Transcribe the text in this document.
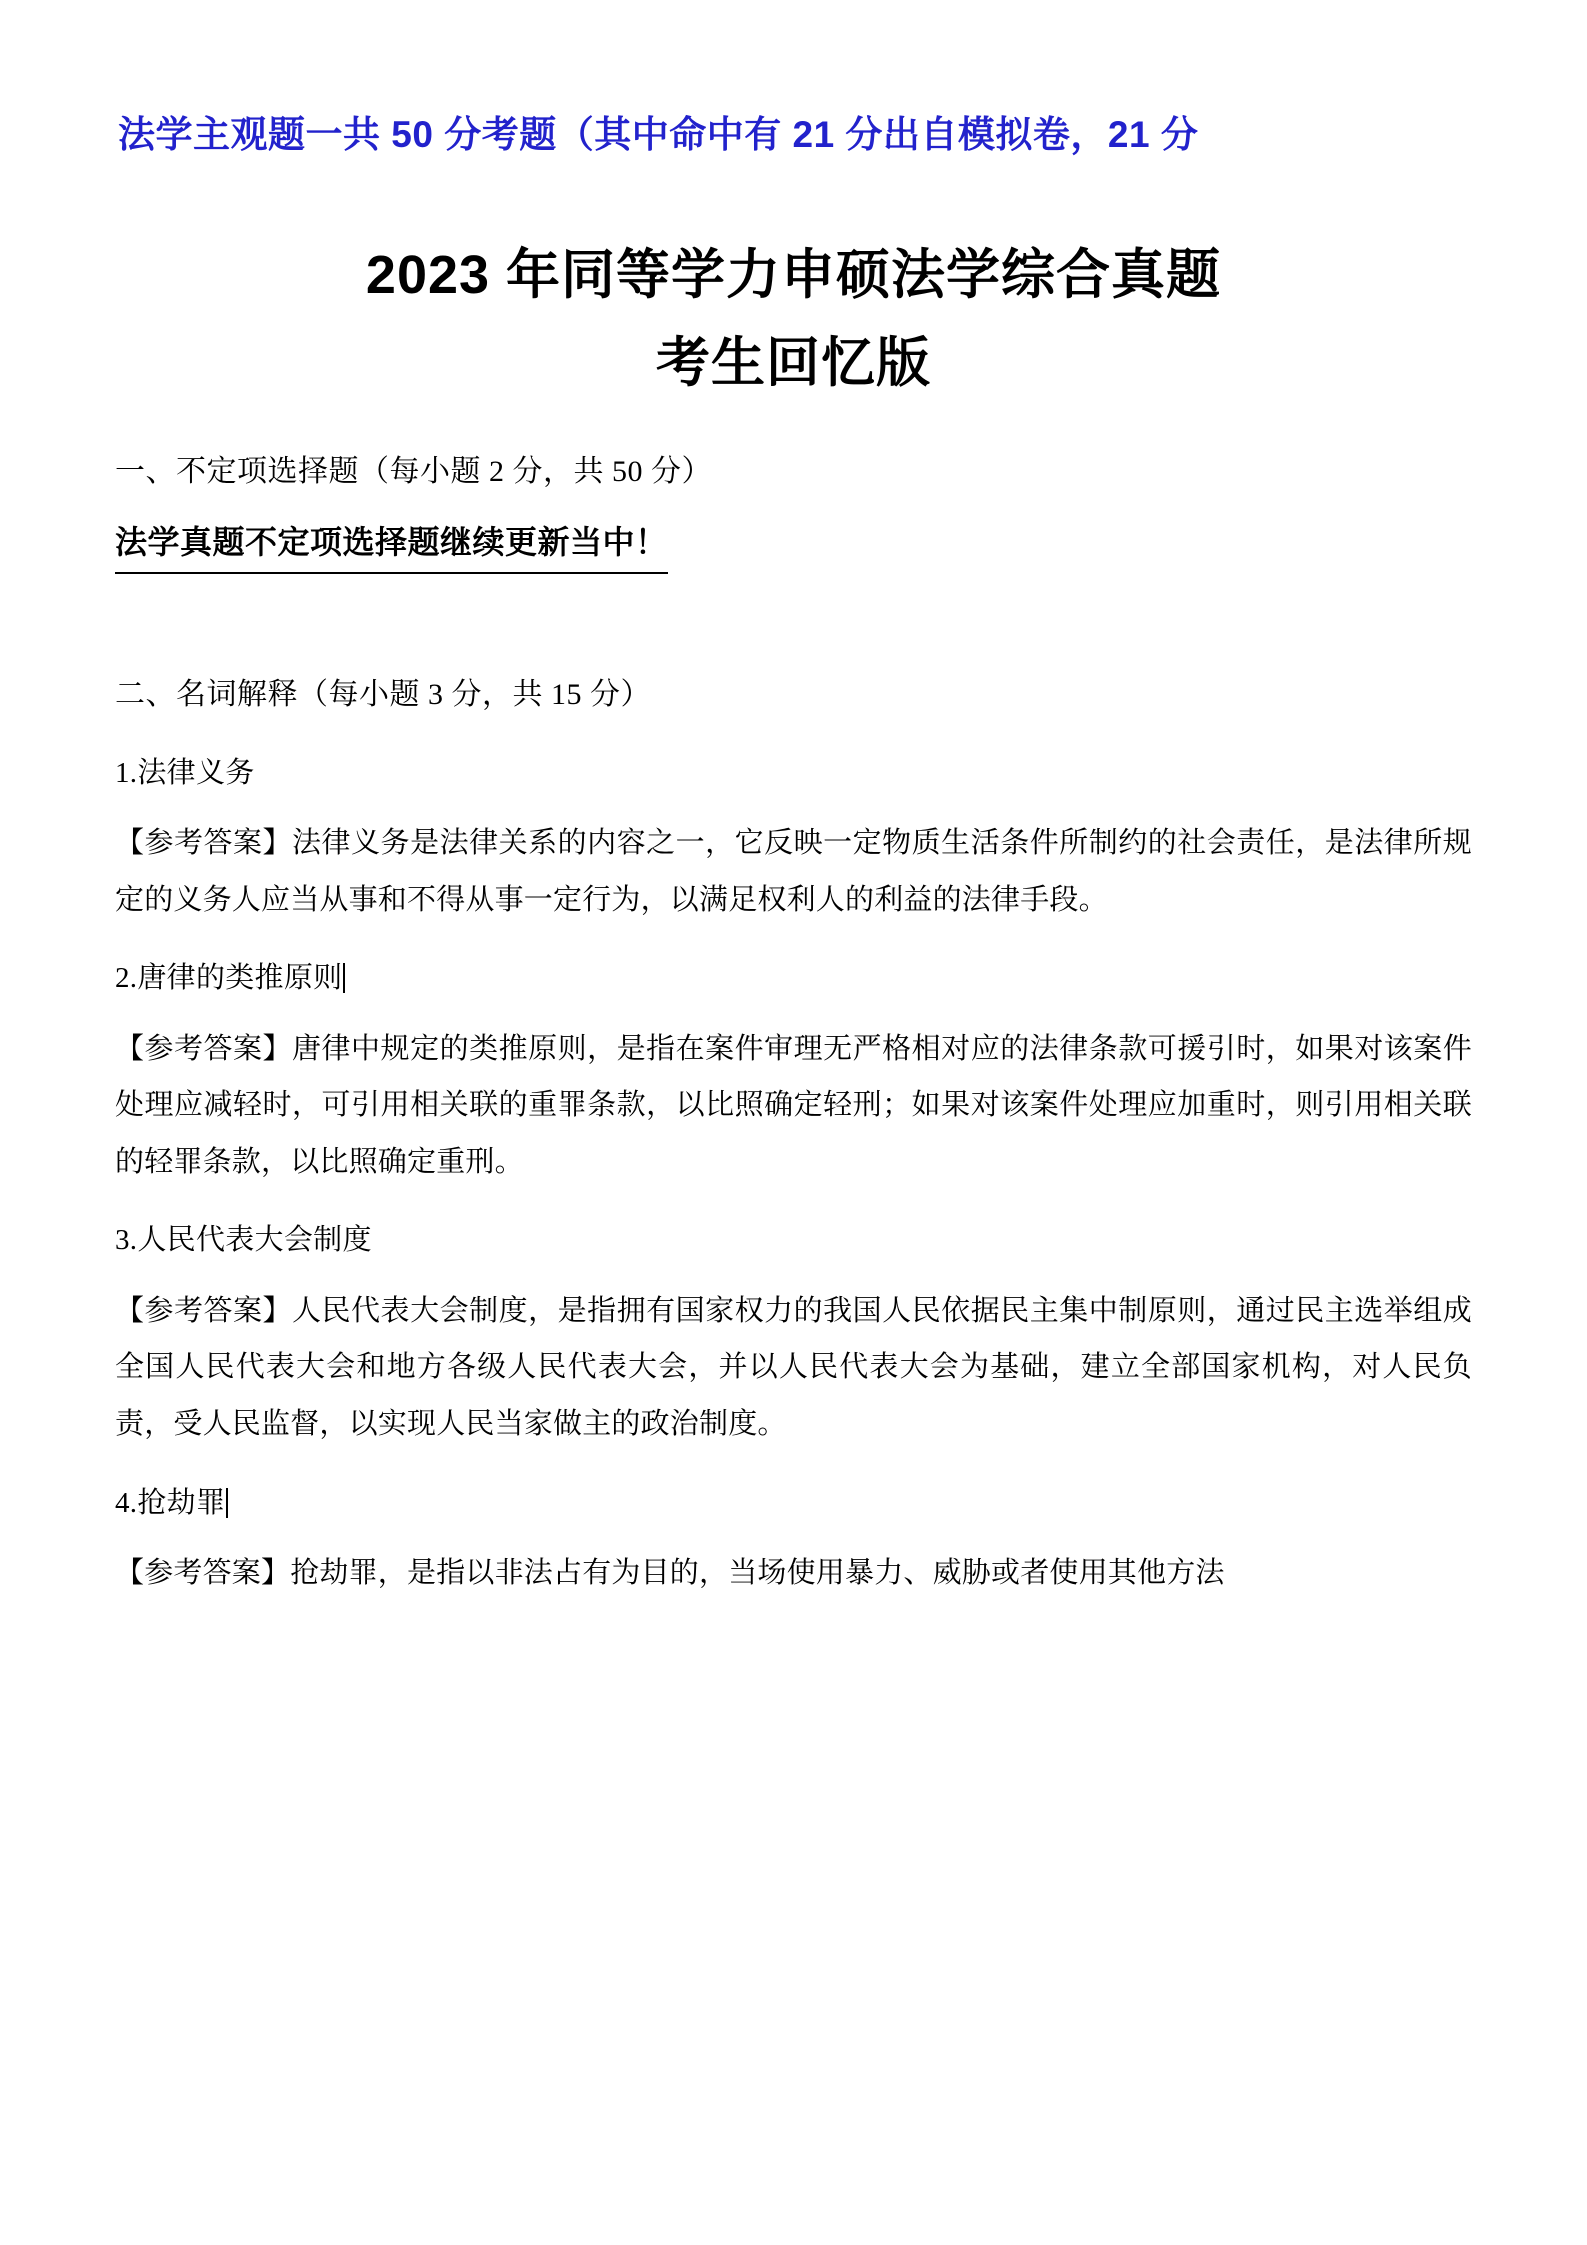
法学主观题一共 50 分考题（其中命中有 21 分出自模拟卷，21 分
2023 年同等学力申硕法学综合真题
考生回忆版

一、不定项选择题（每小题 2 分，共 50 分）

法学真题不定项选择题继续更新当中！

二、名词解释（每小题 3 分，共 15 分）

1.法律义务

【参考答案】法律义务是法律关系的内容之一，它反映一定物质生活条件所制约的社会责任，是法律所规定的义务人应当从事和不得从事一定行为，以满足权利人的利益的法律手段。

2.唐律的类推原则

【参考答案】唐律中规定的类推原则，是指在案件审理无严格相对应的法律条款可援引时，如果对该案件处理应减轻时，可引用相关联的重罪条款，以比照确定轻刑；如果对该案件处理应加重时，则引用相关联的轻罪条款，以比照确定重刑。

3.人民代表大会制度

【参考答案】人民代表大会制度，是指拥有国家权力的我国人民依据民主集中制原则，通过民主选举组成全国人民代表大会和地方各级人民代表大会，并以人民代表大会为基础，建立全部国家机构，对人民负责，受人民监督，以实现人民当家做主的政治制度。

4.抢劫罪

【参考答案】抢劫罪，是指以非法占有为目的，当场使用暴力、威胁或者使用其他方法
